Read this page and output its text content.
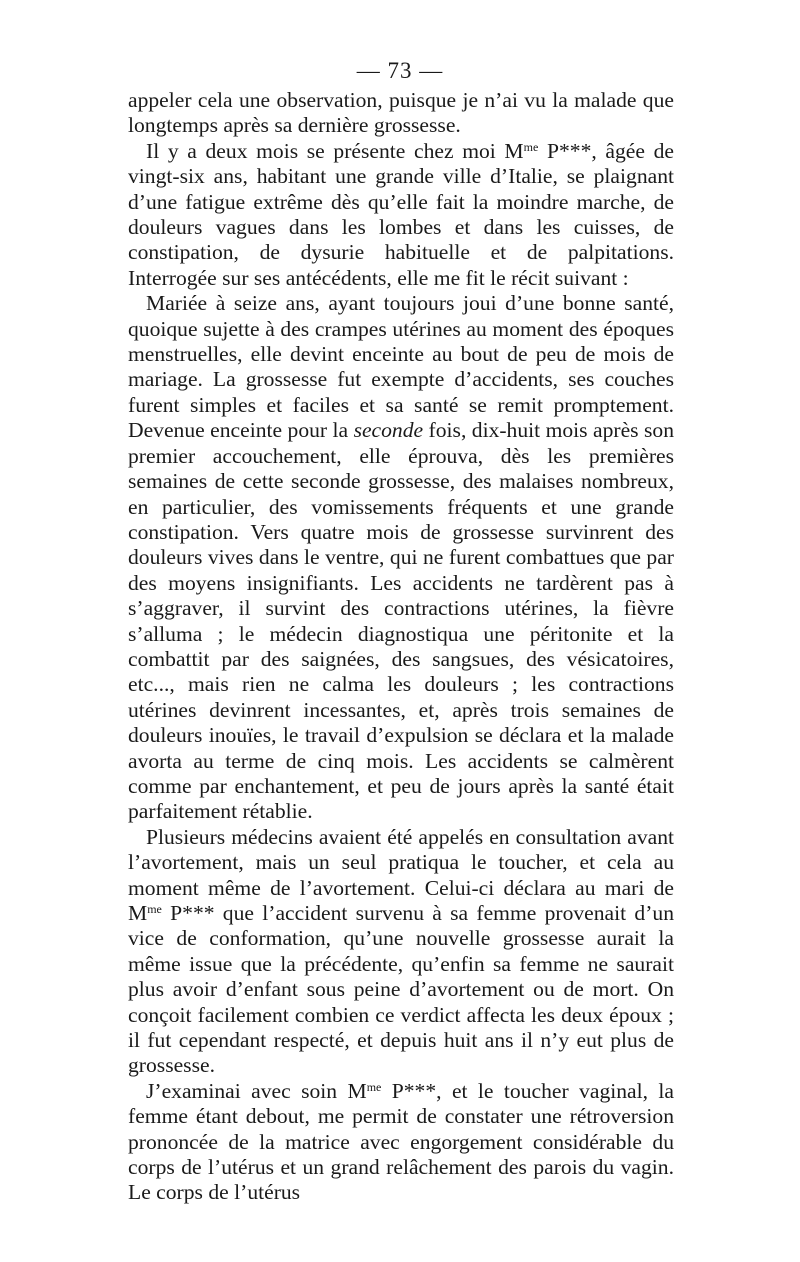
— 73 —

appeler cela une observation, puisque je n’ai vu la malade que longtemps après sa dernière grossesse.

Il y a deux mois se présente chez moi $M^{me}$ P***, âgée de vingt-six ans, habitant une grande ville d’Italie, se plaignant d’une fatigue extrême dès qu’elle fait la moindre marche, de douleurs vagues dans les lombes et dans les cuisses, de constipation, de dysurie habituelle et de palpitations. Interrogée sur ses antécédents, elle me fit le récit suivant :

Mariée à seize ans, ayant toujours joui d’une bonne santé, quoique sujette à des crampes utérines au moment des époques menstruelles, elle devint enceinte au bout de peu de mois de mariage. La grossesse fut exempte d’accidents, ses couches furent simples et faciles et sa santé se remit promptement. Devenue enceinte pour la seconde fois, dix-huit mois après son premier accouchement, elle éprouva, dès les premières semaines de cette seconde grossesse, des malaises nombreux, en particulier, des vomissements fréquents et une grande constipation. Vers quatre mois de grossesse survinrent des douleurs vives dans le ventre, qui ne furent combattues que par des moyens insignifiants. Les accidents ne tardèrent pas à s’aggraver, il survint des contractions utérines, la fièvre s’alluma ; le médecin diagnostiqua une péritonite et la combattit par des saignées, des sangsues, des vésicatoires, etc..., mais rien ne calma les douleurs ; les contractions utérines devinrent incessantes, et, après trois semaines de douleurs inouïes, le travail d’expulsion se déclara et la malade avorta au terme de cinq mois. Les accidents se calmèrent comme par enchantement, et peu de jours après la santé était parfaitement rétablie.

Plusieurs médecins avaient été appelés en consultation avant l’avortement, mais un seul pratiqua le toucher, et cela au moment même de l’avortement. Celui-ci déclara au mari de $M^{me}$ P*** que l’accident survenu à sa femme provenait d’un vice de conformation, qu’une nouvelle grossesse aurait la même issue que la précédente, qu’enfin sa femme ne saurait plus avoir d’enfant sous peine d’avortement ou de mort. On conçoit facilement combien ce verdict affecta les deux époux ; il fut cependant respecté, et depuis huit ans il n’y eut plus de grossesse.

J’examinai avec soin $M^{me}$ P***, et le toucher vaginal, la femme étant debout, me permit de constater une rétroversion prononcée de la matrice avec engorgement considérable du corps de l’utérus et un grand relâchement des parois du vagin. Le corps de l’utérus
